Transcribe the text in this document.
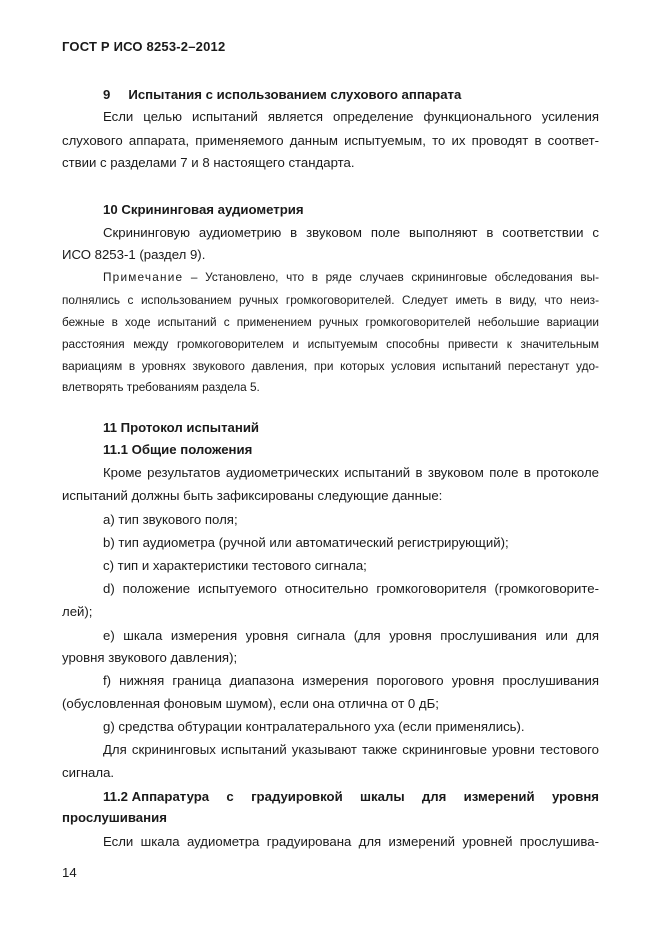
ГОСТ Р ИСО 8253-2–2012
9 Испытания с использованием слухового аппарата
Если целью испытаний является определение функционального усиления
слухового аппарата, применяемого данным испытуемым, то их проводят в соответ-
ствии с разделами 7 и 8 настоящего стандарта.
10 Скрининговая аудиометрия
Скрининговую аудиометрию в звуковом поле выполняют в соответствии с
ИСО 8253-1 (раздел 9).
Примечание – Установлено, что в ряде случаев скрининговые обследования вы-
полнялись с использованием ручных громкоговорителей. Следует иметь в виду, что неиз-
бежные в ходе испытаний с применением ручных громкоговорителей небольшие вариации
расстояния между громкоговорителем и испытуемым способны привести к значительным
вариациям в уровнях звукового давления, при которых условия испытаний перестанут удо-
влетворять требованиям раздела 5.
11 Протокол испытаний
11.1 Общие положения
Кроме результатов аудиометрических испытаний в звуковом поле в протоколе
испытаний должны быть зафиксированы следующие данные:
a) тип звукового поля;
b) тип аудиометра (ручной или автоматический регистрирующий);
c) тип и характеристики тестового сигнала;
d) положение испытуемого относительно громкоговорителя (громкоговорите-
лей);
e) шкала измерения уровня сигнала (для уровня прослушивания или для
уровня звукового давления);
f) нижняя граница диапазона измерения порогового уровня прослушивания
(обусловленная фоновым шумом), если она отлична от 0 дБ;
g) средства обтурации контралатерального уха (если применялись).
Для скрининговых испытаний указывают также скрининговые уровни тестового
сигнала.
11.2 Аппаратура с градуировкой шкалы для измерений уровня
прослушивания
Если шкала аудиометра градуирована для измерений уровней прослушива-
14
